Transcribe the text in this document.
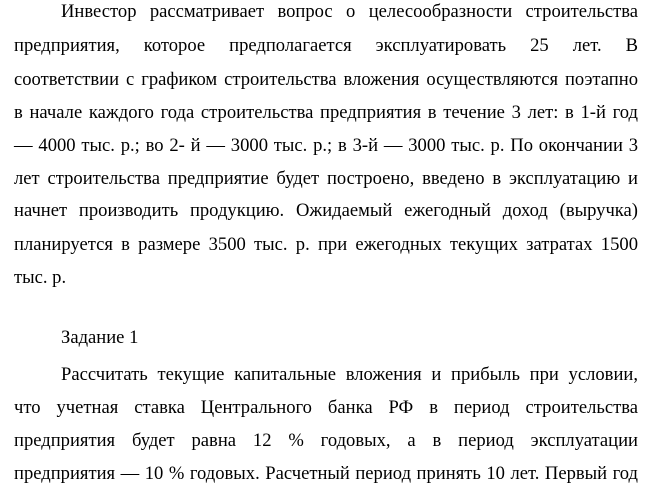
Инвестор рассматривает вопрос о целесообразности строительства
предприятия, которое предполагается эксплуатировать 25 лет. В
соответствии с графиком строительства вложения осуществляются поэтапно
в начале каждого года строительства предприятия в течение 3 лет: в 1-й год
— 4000 тыс. р.; во 2- й — 3000 тыс. р.; в 3-й — 3000 тыс. р. По окончании 3
лет строительства предприятие будет построено, введено в эксплуатацию и
начнет производить продукцию. Ожидаемый ежегодный доход (выручка)
планируется в размере 3500 тыс. р. при ежегодных текущих затратах 1500
тыс. р.
Задание 1
Рассчитать текущие капитальные вложения и прибыль при условии,
что учетная ставка Центрального банка РФ в период строительства
предприятия будет равна 12 % годовых, а в период эксплуатации
предприятия — 10 % годовых. Расчетный период принять 10 лет. Первый год
